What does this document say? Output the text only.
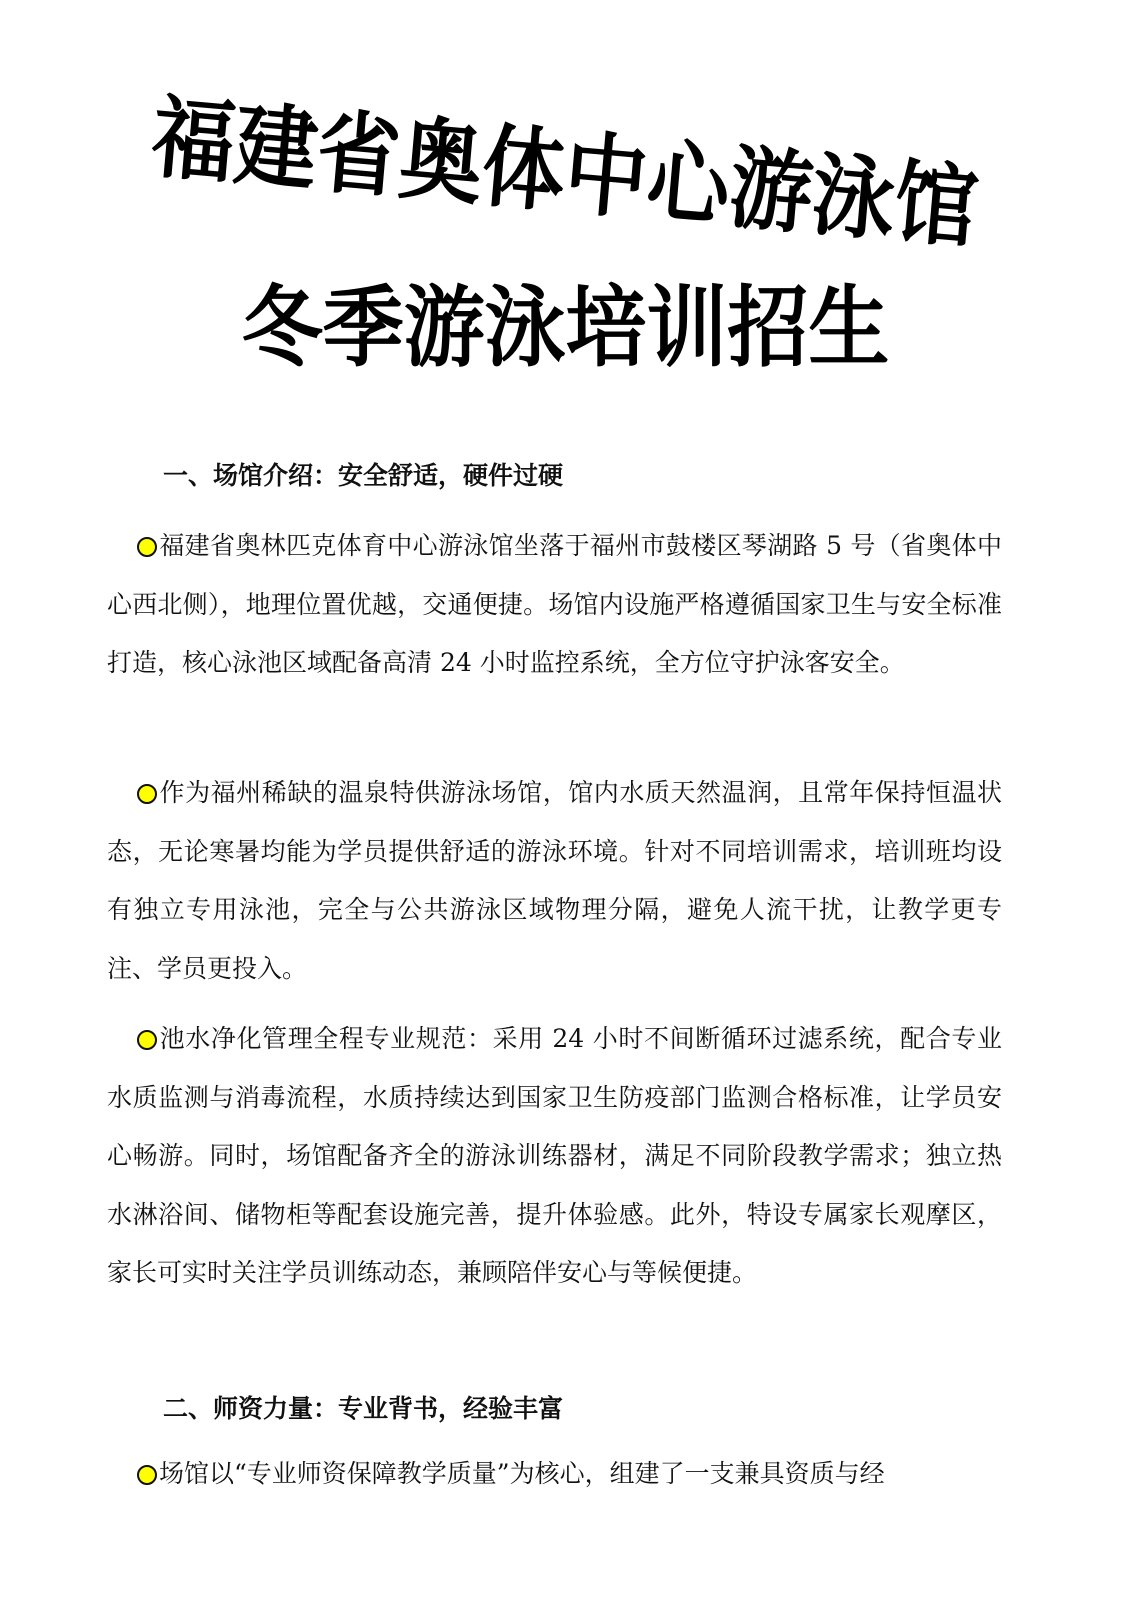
福建省奥体中心游泳馆
冬季游泳培训招生
一、场馆介绍：安全舒适，硬件过硬

福建省奥林匹克体育中心游泳馆坐落于福州市鼓楼区琴湖路 5 号（省奥体中心西北侧），地理位置优越，交通便捷。场馆内设施严格遵循国家卫生与安全标准打造，核心泳池区域配备高清 24 小时监控系统，全方位守护泳客安全。

作为福州稀缺的温泉特供游泳场馆，馆内水质天然温润，且常年保持恒温状态，无论寒暑均能为学员提供舒适的游泳环境。针对不同培训需求，培训班均设有独立专用泳池，完全与公共游泳区域物理分隔，避免人流干扰，让教学更专注、学员更投入。

池水净化管理全程专业规范：采用 24 小时不间断循环过滤系统，配合专业水质监测与消毒流程，水质持续达到国家卫生防疫部门监测合格标准，让学员安心畅游。同时，场馆配备齐全的游泳训练器材，满足不同阶段教学需求；独立热水淋浴间、储物柜等配套设施完善，提升体验感。此外，特设专属家长观摩区，家长可实时关注学员训练动态，兼顾陪伴安心与等候便捷。

二、师资力量：专业背书，经验丰富

场馆以“专业师资保障教学质量”为核心，组建了一支兼具资质与经
